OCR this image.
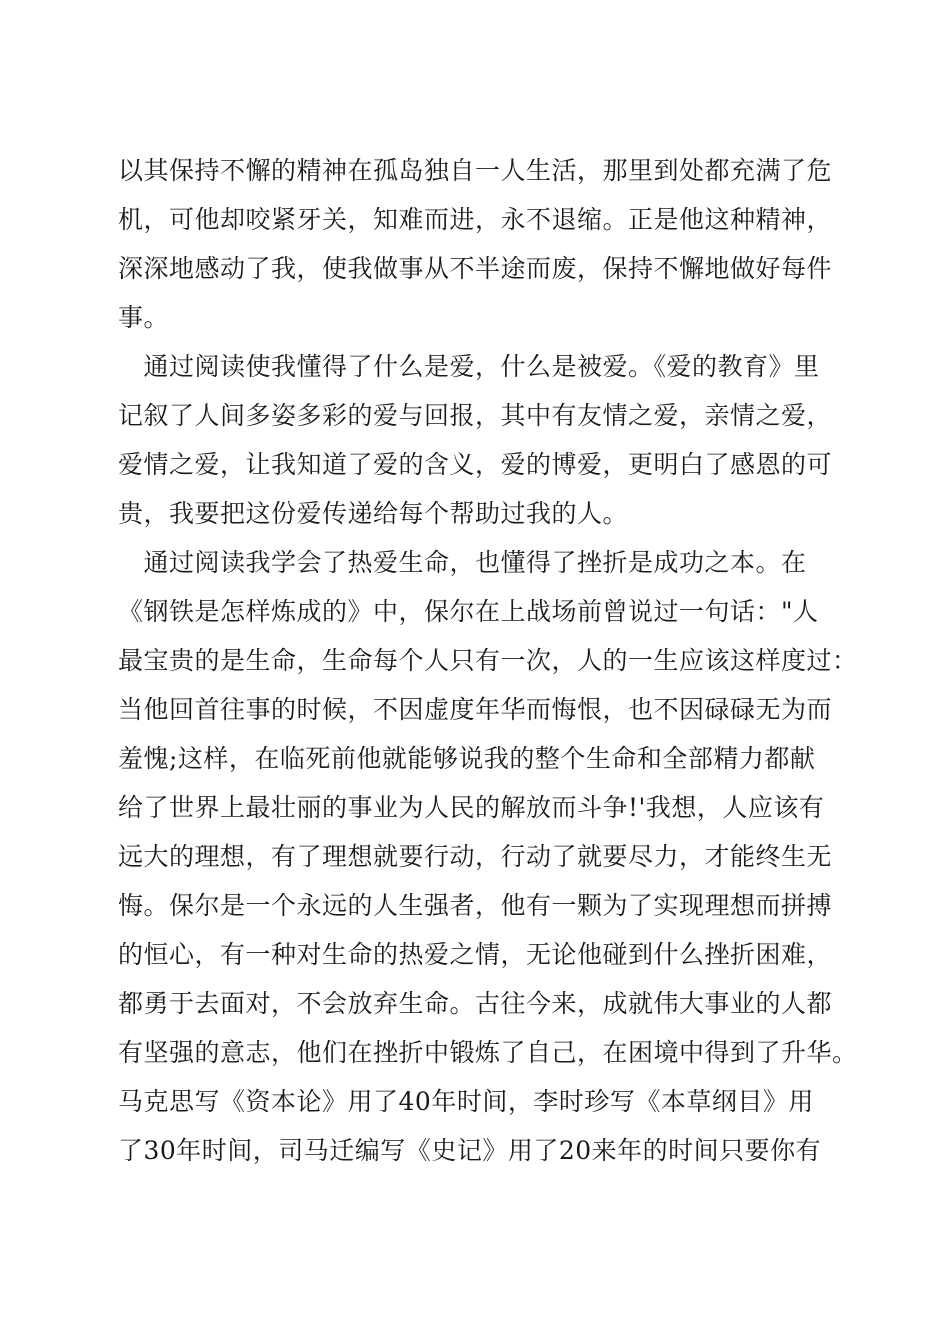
以其保持不懈的精神在孤岛独自一人生活，那里到处都充满了危
机，可他却咬紧牙关，知难而进，永不退缩。正是他这种精神，
深深地感动了我，使我做事从不半途而废，保持不懈地做好每件
事。
　通过阅读使我懂得了什么是爱，什么是被爱。《爱的教育》里
记叙了人间多姿多彩的爱与回报，其中有友情之爱，亲情之爱，
爱情之爱，让我知道了爱的含义，爱的博爱，更明白了感恩的可
贵，我要把这份爱传递给每个帮助过我的人。
　通过阅读我学会了热爱生命，也懂得了挫折是成功之本。在
《钢铁是怎样炼成的》中，保尔在上战场前曾说过一句话："人
最宝贵的是生命，生命每个人只有一次，人的一生应该这样度过：
当他回首往事的时候，不因虚度年华而悔恨，也不因碌碌无为而
羞愧;这样，在临死前他就能够说我的整个生命和全部精力都献
给了世界上最壮丽的事业为人民的解放而斗争!'我想，人应该有
远大的理想，有了理想就要行动，行动了就要尽力，才能终生无
悔。保尔是一个永远的人生强者，他有一颗为了实现理想而拼搏
的恒心，有一种对生命的热爱之情，无论他碰到什么挫折困难，
都勇于去面对，不会放弃生命。古往今来，成就伟大事业的人都
有坚强的意志，他们在挫折中锻炼了自己，在困境中得到了升华。
马克思写《资本论》用了40年时间，李时珍写《本草纲目》用
了30年时间，司马迁编写《史记》用了20来年的时间只要你有
